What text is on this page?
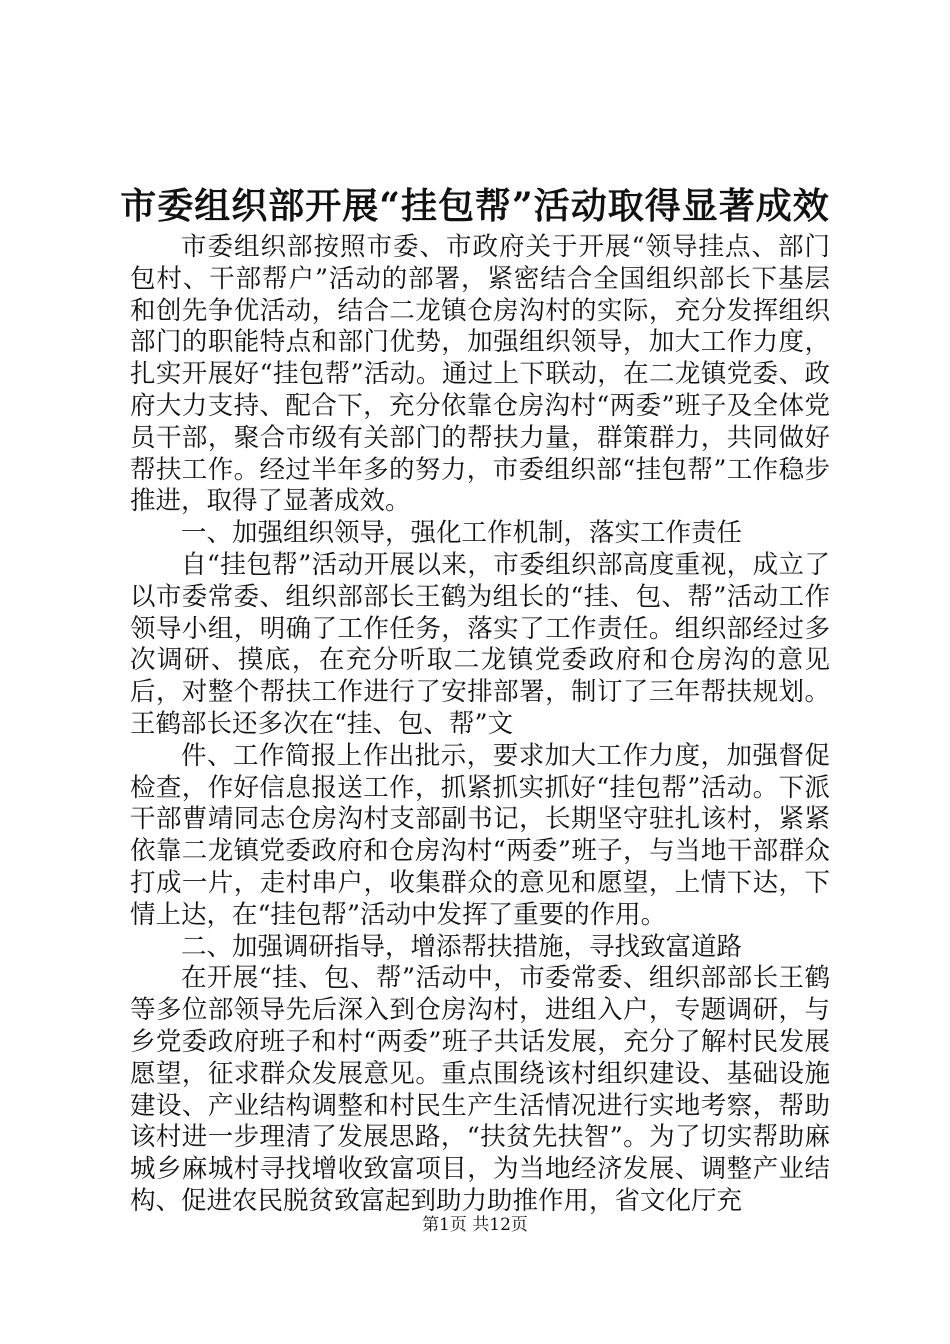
市委组织部开展“挂包帮”活动取得显著成效

市委组织部按照市委、市政府关于开展“领导挂点、部门包村、干部帮户”活动的部署，紧密结合全国组织部长下基层和创先争优活动，结合二龙镇仓房沟村的实际，充分发挥组织部门的职能特点和部门优势，加强组织领导，加大工作力度，扎实开展好“挂包帮”活动。通过上下联动，在二龙镇党委、政府大力支持、配合下，充分依靠仓房沟村“两委”班子及全体党员干部，聚合市级有关部门的帮扶力量，群策群力，共同做好帮扶工作。经过半年多的努力，市委组织部“挂包帮”工作稳步推进，取得了显著成效。

一、加强组织领导，强化工作机制，落实工作责任

自“挂包帮”活动开展以来，市委组织部高度重视，成立了以市委常委、组织部部长王鹤为组长的“挂、包、帮”活动工作领导小组，明确了工作任务，落实了工作责任。组织部经过多次调研、摸底，在充分听取二龙镇党委政府和仓房沟的意见后，对整个帮扶工作进行了安排部署，制订了三年帮扶规划。王鹤部长还多次在“挂、包、帮”文

件、工作简报上作出批示，要求加大工作力度，加强督促检查，作好信息报送工作，抓紧抓实抓好“挂包帮”活动。下派干部曹靖同志仓房沟村支部副书记，长期坚守驻扎该村，紧紧依靠二龙镇党委政府和仓房沟村“两委”班子，与当地干部群众打成一片，走村串户，收集群众的意见和愿望，上情下达，下情上达，在“挂包帮”活动中发挥了重要的作用。

二、加强调研指导，增添帮扶措施，寻找致富道路

在开展“挂、包、帮”活动中，市委常委、组织部部长王鹤等多位部领导先后深入到仓房沟村，进组入户，专题调研，与乡党委政府班子和村“两委”班子共话发展，充分了解村民发展愿望，征求群众发展意见。重点围绕该村组织建设、基础设施建设、产业结构调整和村民生产生活情况进行实地考察，帮助该村进一步理清了发展思路，“扶贫先扶智”。为了切实帮助麻城乡麻城村寻找增收致富项目，为当地经济发展、调整产业结构、促进农民脱贫致富起到助力助推作用，省文化厅充

第1页 共12页
